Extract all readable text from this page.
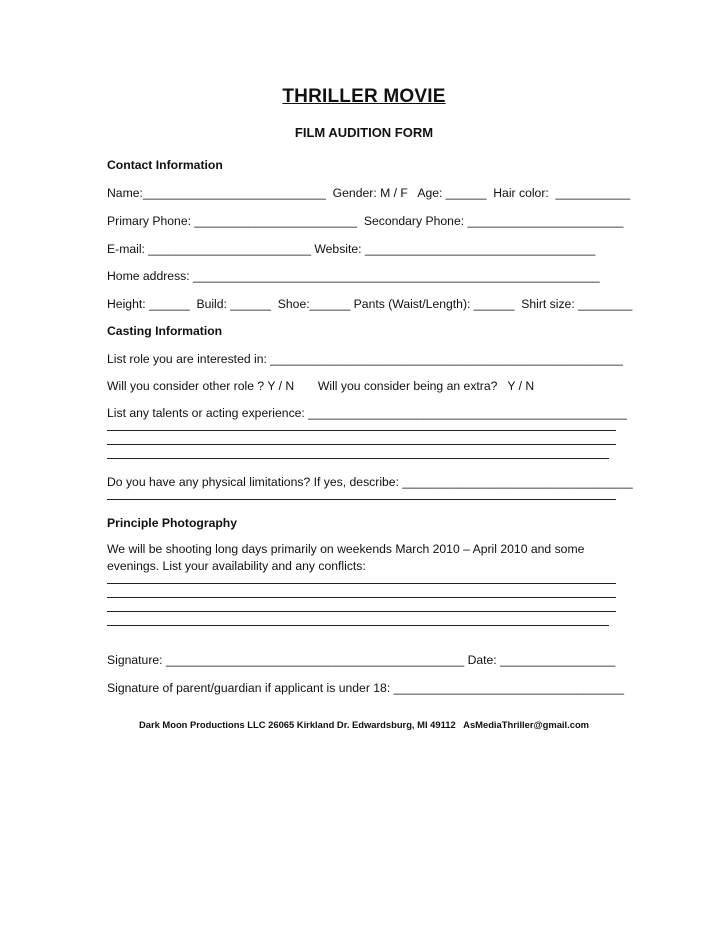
THRILLER MOVIE
FILM AUDITION FORM
Contact Information
Name:___________________________  Gender: M / F   Age: ______  Hair color:  ___________
Primary Phone: ________________________  Secondary Phone: _______________________
E-mail: ________________________ Website: __________________________________
Home address: ____________________________________________________________
Height: ______  Build: ______  Shoe:______ Pants (Waist/Length): ______  Shirt size: ________
Casting Information
List role you are interested in: ____________________________________________________
Will you consider other role ? Y / N       Will you consider being an extra?   Y / N
List any talents or acting experience: _______________________________________________
Do you have any physical limitations? If yes, describe: __________________________________
Principle Photography
We will be shooting long days primarily on weekends March 2010 – April 2010 and some evenings. List your availability and any conflicts:
Signature: ____________________________________________ Date: _________________
Signature of parent/guardian if applicant is under 18: __________________________________
Dark Moon Productions LLC 26065 Kirkland Dr. Edwardsburg, MI 49112   AsMediaThriller@gmail.com
